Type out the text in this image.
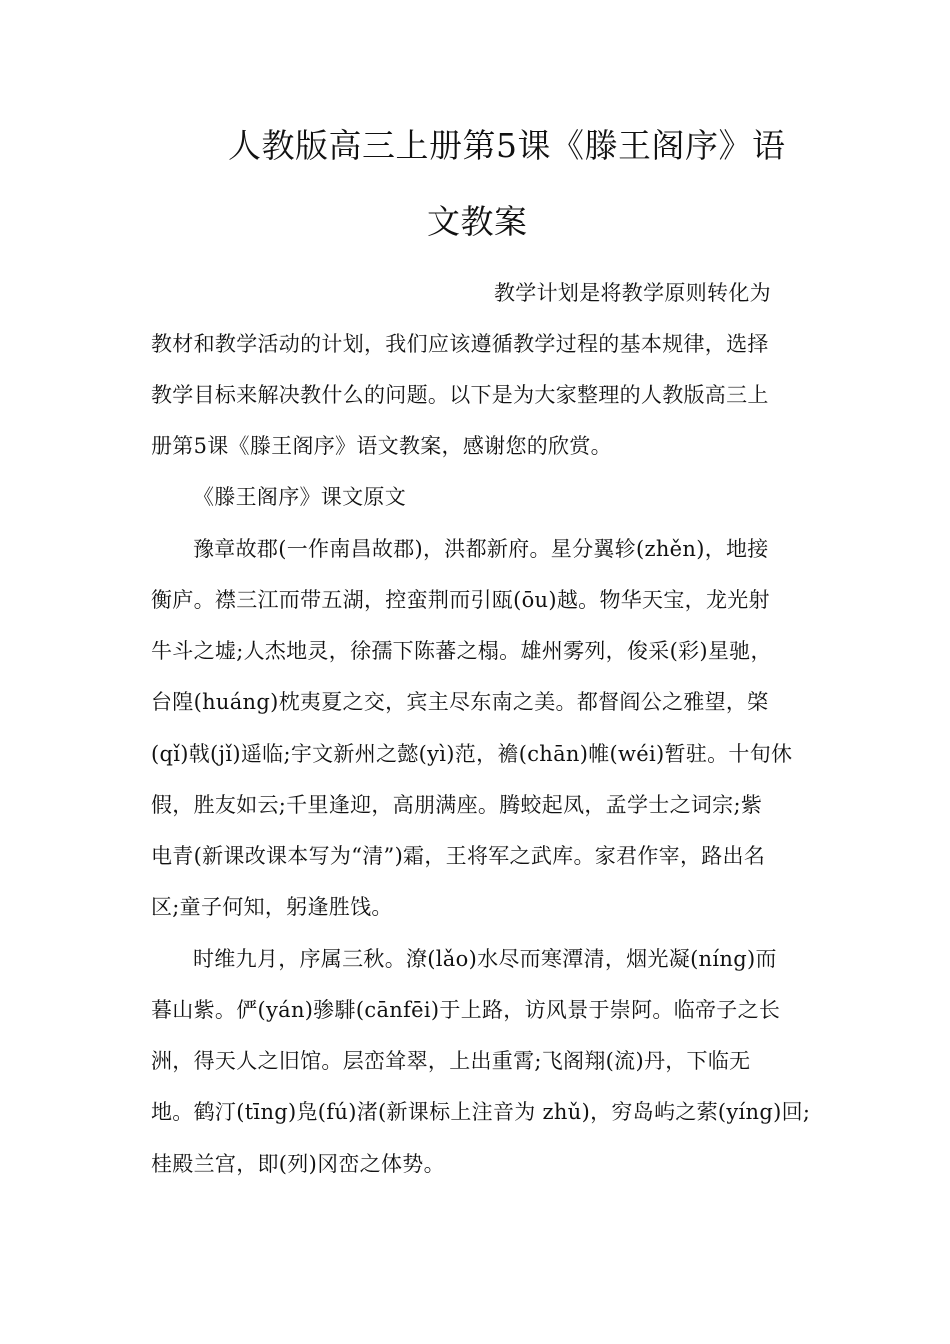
人教版高三上册第5课《滕王阁序》语
文教案
教学计划是将教学原则转化为
教材和教学活动的计划，我们应该遵循教学过程的基本规律，选择
教学目标来解决教什么的问题。以下是为大家整理的人教版高三上
册第5课《滕王阁序》语文教案，感谢您的欣赏。
《滕王阁序》课文原文
豫章故郡(一作南昌故郡)，洪都新府。星分翼轸(zhěn)，地接
衡庐。襟三江而带五湖，控蛮荆而引瓯(ōu)越。物华天宝，龙光射
牛斗之墟;人杰地灵，徐孺下陈蕃之榻。雄州雾列，俊采(彩)星驰，
台隍(huáng)枕夷夏之交，宾主尽东南之美。都督阎公之雅望，棨
(qǐ)戟(jǐ)遥临;宇文新州之懿(yì)范，襜(chān)帷(wéi)暂驻。十旬休
假，胜友如云;千里逢迎，高朋满座。腾蛟起凤，孟学士之词宗;紫
电青(新课改课本写为“清”)霜，王将军之武库。家君作宰，路出名
区;童子何知，躬逢胜饯。
时维九月，序属三秋。潦(lǎo)水尽而寒潭清，烟光凝(níng)而
暮山紫。俨(yán)骖騑(cānfēi)于上路，访风景于崇阿。临帝子之长
洲，得天人之旧馆。层峦耸翠，上出重霄;飞阁翔(流)丹，下临无
地。鹤汀(tīng)凫(fú)渚(新课标上注音为 zhǔ)，穷岛屿之萦(yíng)回;
桂殿兰宫，即(列)冈峦之体势。
